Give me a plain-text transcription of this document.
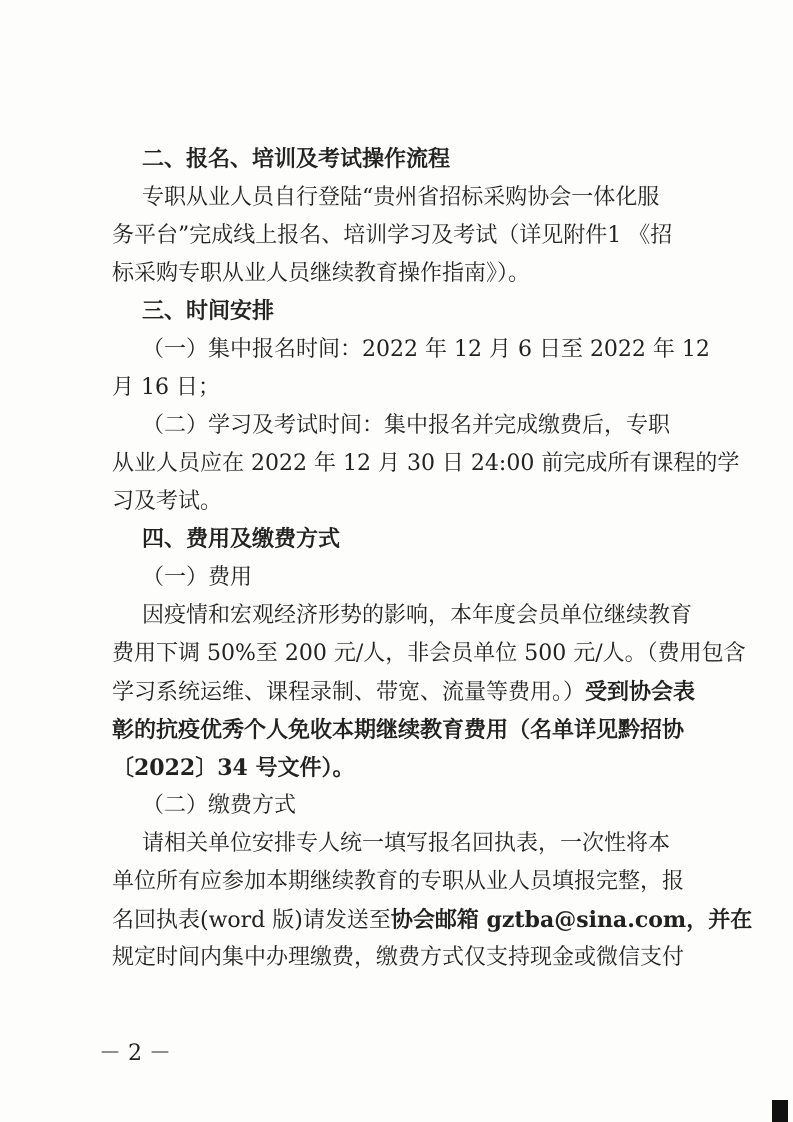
二、报名、培训及考试操作流程
专职从业人员自行登陆“贵州省招标采购协会一体化服
务平台”完成线上报名、培训学习及考试（详见附件1 《招
标采购专职从业人员继续教育操作指南》）。
三、时间安排
（一）集中报名时间：2022 年 12 月 6 日至 2022 年 12
月 16 日；
（二）学习及考试时间：集中报名并完成缴费后，专职
从业人员应在 2022 年 12 月 30 日 24:00 前完成所有课程的学
习及考试。
四、费用及缴费方式
（一）费用
因疫情和宏观经济形势的影响，本年度会员单位继续教育
费用下调 50%至 200 元/人，非会员单位 500 元/人。（费用包含
学习系统运维、课程录制、带宽、流量等费用。）受到协会表
彰的抗疫优秀个人免收本期继续教育费用（名单详见黔招协
〔2022〕34 号文件）。
（二）缴费方式
请相关单位安排专人统一填写报名回执表，一次性将本
单位所有应参加本期继续教育的专职从业人员填报完整，报
名回执表(word 版)请发送至协会邮箱 gztba@sina.com，并在
规定时间内集中办理缴费，缴费方式仅支持现金或微信支付
－ 2 －
